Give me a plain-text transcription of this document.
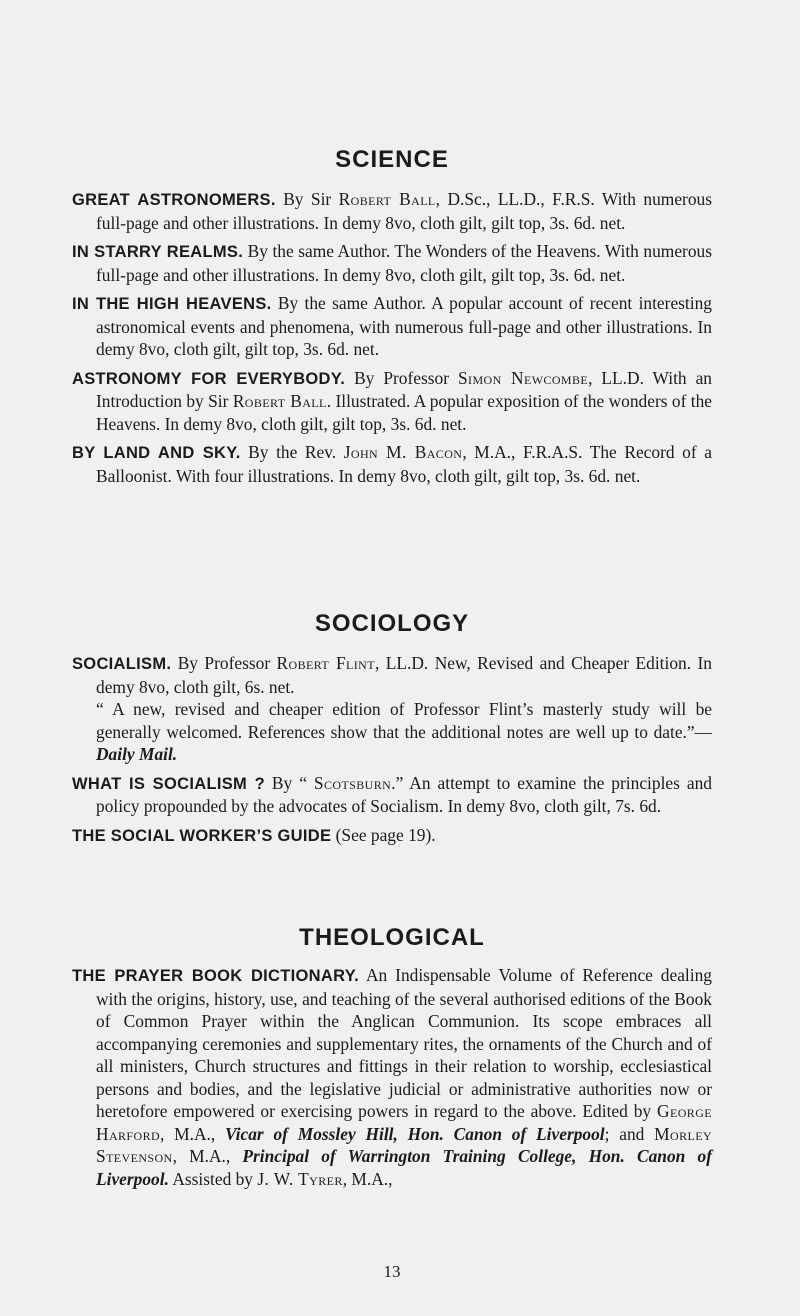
SCIENCE

GREAT ASTRONOMERS. By Sir Robert Ball, D.Sc., LL.D., F.R.S. With numerous full-page and other illustrations. In demy 8vo, cloth gilt, gilt top, 3s. 6d. net.

IN STARRY REALMS. By the same Author. The Wonders of the Heavens. With numerous full-page and other illustrations. In demy 8vo, cloth gilt, gilt top, 3s. 6d. net.

IN THE HIGH HEAVENS. By the same Author. A popular account of recent interesting astronomical events and phenomena, with numerous full-page and other illustrations. In demy 8vo, cloth gilt, gilt top, 3s. 6d. net.

ASTRONOMY FOR EVERYBODY. By Professor Simon Newcombe, LL.D. With an Introduction by Sir Robert Ball. Illustrated. A popular exposition of the wonders of the Heavens. In demy 8vo, cloth gilt, gilt top, 3s. 6d. net.

BY LAND AND SKY. By the Rev. John M. Bacon, M.A., F.R.A.S. The Record of a Balloonist. With four illustrations. In demy 8vo, cloth gilt, gilt top, 3s. 6d. net.

SOCIOLOGY

SOCIALISM. By Professor Robert Flint, LL.D. New, Revised and Cheaper Edition. In demy 8vo, cloth gilt, 6s. net.
“ A new, revised and cheaper edition of Professor Flint’s masterly study will be generally welcomed. References show that the additional notes are well up to date.”—Daily Mail.

WHAT IS SOCIALISM ? By “ Scotsburn.” An attempt to examine the principles and policy propounded by the advocates of Socialism. In demy 8vo, cloth gilt, 7s. 6d.

THE SOCIAL WORKER’S GUIDE (See page 19).

THEOLOGICAL

THE PRAYER BOOK DICTIONARY. An Indispensable Volume of Reference dealing with the origins, history, use, and teaching of the several authorised editions of the Book of Common Prayer within the Anglican Communion. Its scope embraces all accompanying ceremonies and supplementary rites, the ornaments of the Church and of all ministers, Church structures and fittings in their relation to worship, ecclesiastical persons and bodies, and the legislative judicial or administrative authorities now or heretofore empowered or exercising powers in regard to the above. Edited by George Harford, M.A., Vicar of Mossley Hill, Hon. Canon of Liverpool; and Morley Stevenson, M.A., Principal of Warrington Training College, Hon. Canon of Liverpool. Assisted by J. W. Tyrer, M.A.,

13
